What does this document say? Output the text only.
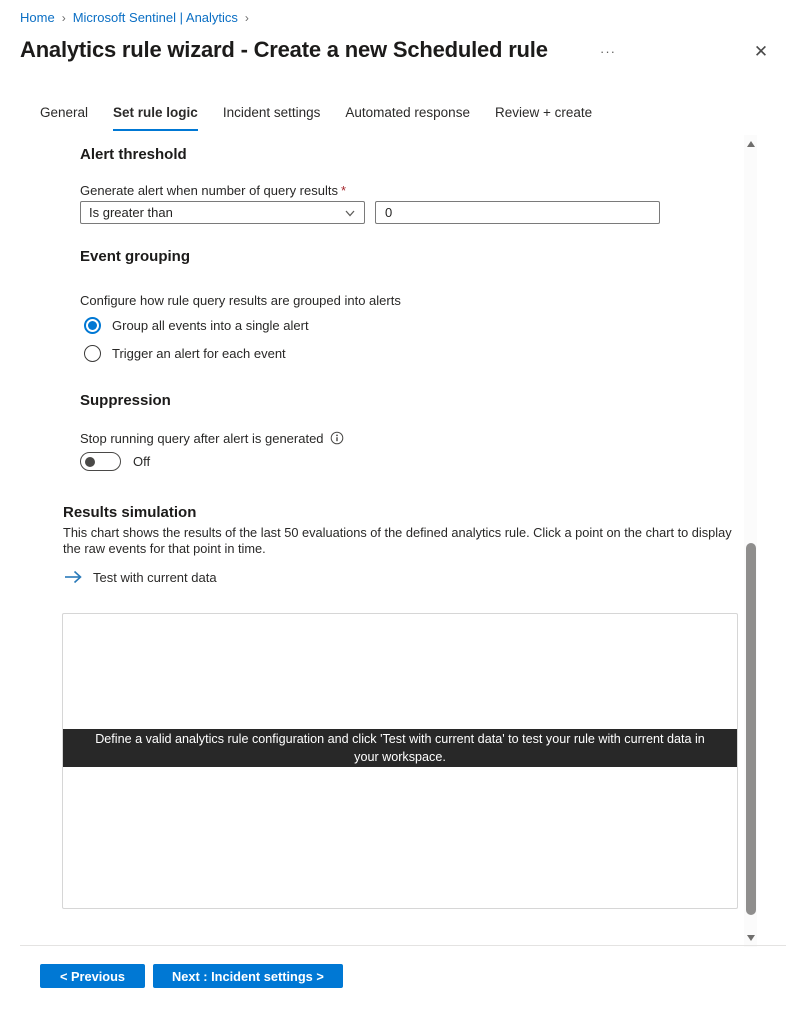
Home › Microsoft Sentinel | Analytics ›
Analytics rule wizard - Create a new Scheduled rule	···	✕
General Set rule logic Incident settings Automated response Review + create
Alert threshold
Generate alert when number of query results *
Is greater than
0
Event grouping
Configure how rule query results are grouped into alerts
Group all events into a single alert
Trigger an alert for each event
Suppression
Stop running query after alert is generated
Off
Results simulation
This chart shows the results of the last 50 evaluations of the defined analytics rule. Click a point on the chart to display the raw events for that point in time.
Test with current data
Define a valid analytics rule configuration and click 'Test with current data' to test your rule with current data in your workspace.
< Previous	Next : Incident settings >
